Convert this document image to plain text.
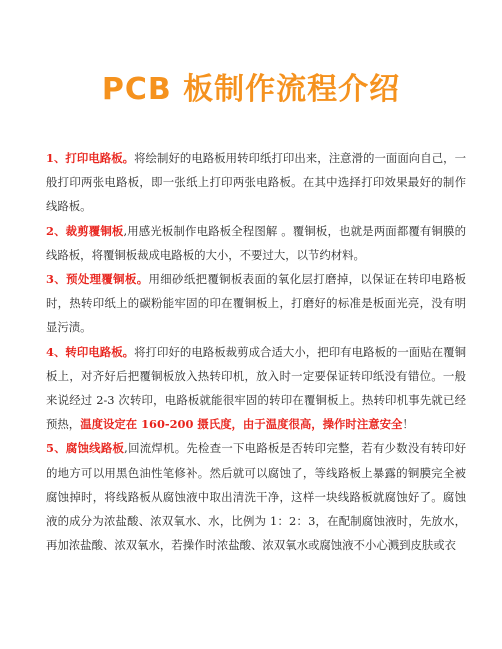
PCB 板制作流程介绍

1、打印电路板。将绘制好的电路板用转印纸打印出来，注意滑的一面面向自己，一般打印两张电路板，即一张纸上打印两张电路板。在其中选择打印效果最好的制作线路板。

2、裁剪覆铜板,用感光板制作电路板全程图解 。覆铜板，也就是两面都覆有铜膜的线路板，将覆铜板裁成电路板的大小，不要过大，以节约材料。

3、预处理覆铜板。用细砂纸把覆铜板表面的氧化层打磨掉，以保证在转印电路板时，热转印纸上的碳粉能牢固的印在覆铜板上，打磨好的标准是板面光亮，没有明显污渍。

4、转印电路板。将打印好的电路板裁剪成合适大小，把印有电路板的一面贴在覆铜板上，对齐好后把覆铜板放入热转印机，放入时一定要保证转印纸没有错位。一般来说经过 2-3 次转印，电路板就能很牢固的转印在覆铜板上。热转印机事先就已经预热，温度设定在 160-200 摄氏度，由于温度很高，操作时注意安全！

5、腐蚀线路板,回流焊机。先检查一下电路板是否转印完整，若有少数没有转印好的地方可以用黑色油性笔修补。然后就可以腐蚀了，等线路板上暴露的铜膜完全被腐蚀掉时，将线路板从腐蚀液中取出清洗干净，这样一块线路板就腐蚀好了。腐蚀液的成分为浓盐酸、浓双氧水、水，比例为 1：2：3，在配制腐蚀液时，先放水，再加浓盐酸、浓双氧水，若操作时浓盐酸、浓双氧水或腐蚀液不小心溅到皮肤或衣
